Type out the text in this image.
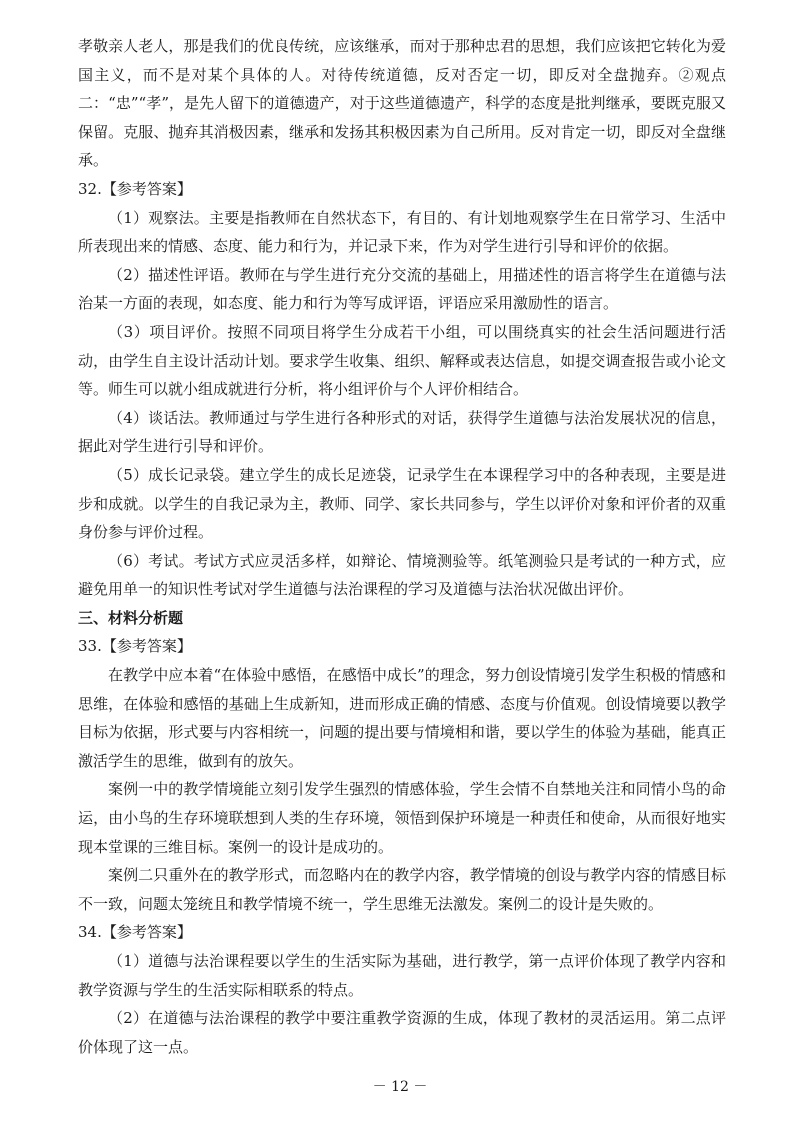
孝敬亲人老人，那是我们的优良传统，应该继承，而对于那种忠君的思想，我们应该把它转化为爱国主义，而不是对某个具体的人。对待传统道德，反对否定一切，即反对全盘抛弃。②观点二：“忠”“孝”，是先人留下的道德遗产，对于这些道德遗产，科学的态度是批判继承，要既克服又保留。克服、抛弃其消极因素，继承和发扬其积极因素为自己所用。反对肯定一切，即反对全盘继承。

32.【参考答案】

（1）观察法。主要是指教师在自然状态下，有目的、有计划地观察学生在日常学习、生活中所表现出来的情感、态度、能力和行为，并记录下来，作为对学生进行引导和评价的依据。

（2）描述性评语。教师在与学生进行充分交流的基础上，用描述性的语言将学生在道德与法治某一方面的表现，如态度、能力和行为等写成评语，评语应采用激励性的语言。

（3）项目评价。按照不同项目将学生分成若干小组，可以围绕真实的社会生活问题进行活动，由学生自主设计活动计划。要求学生收集、组织、解释或表达信息，如提交调查报告或小论文等。师生可以就小组成就进行分析，将小组评价与个人评价相结合。

（4）谈话法。教师通过与学生进行各种形式的对话，获得学生道德与法治发展状况的信息，据此对学生进行引导和评价。

（5）成长记录袋。建立学生的成长足迹袋，记录学生在本课程学习中的各种表现，主要是进步和成就。以学生的自我记录为主，教师、同学、家长共同参与，学生以评价对象和评价者的双重身份参与评价过程。

（6）考试。考试方式应灵活多样，如辩论、情境测验等。纸笔测验只是考试的一种方式，应避免用单一的知识性考试对学生道德与法治课程的学习及道德与法治状况做出评价。

三、材料分析题

33.【参考答案】

在教学中应本着“在体验中感悟，在感悟中成长”的理念，努力创设情境引发学生积极的情感和思维，在体验和感悟的基础上生成新知，进而形成正确的情感、态度与价值观。创设情境要以教学目标为依据，形式要与内容相统一，问题的提出要与情境相和谐，要以学生的体验为基础，能真正激活学生的思维，做到有的放矢。

案例一中的教学情境能立刻引发学生强烈的情感体验，学生会情不自禁地关注和同情小鸟的命运，由小鸟的生存环境联想到人类的生存环境，领悟到保护环境是一种责任和使命，从而很好地实现本堂课的三维目标。案例一的设计是成功的。

案例二只重外在的教学形式，而忽略内在的教学内容，教学情境的创设与教学内容的情感目标不一致，问题太笼统且和教学情境不统一，学生思维无法激发。案例二的设计是失败的。

34.【参考答案】

（1）道德与法治课程要以学生的生活实际为基础，进行教学，第一点评价体现了教学内容和教学资源与学生的生活实际相联系的特点。

（2）在道德与法治课程的教学中要注重教学资源的生成，体现了教材的灵活运用。第二点评价体现了这一点。

－ 12 －
